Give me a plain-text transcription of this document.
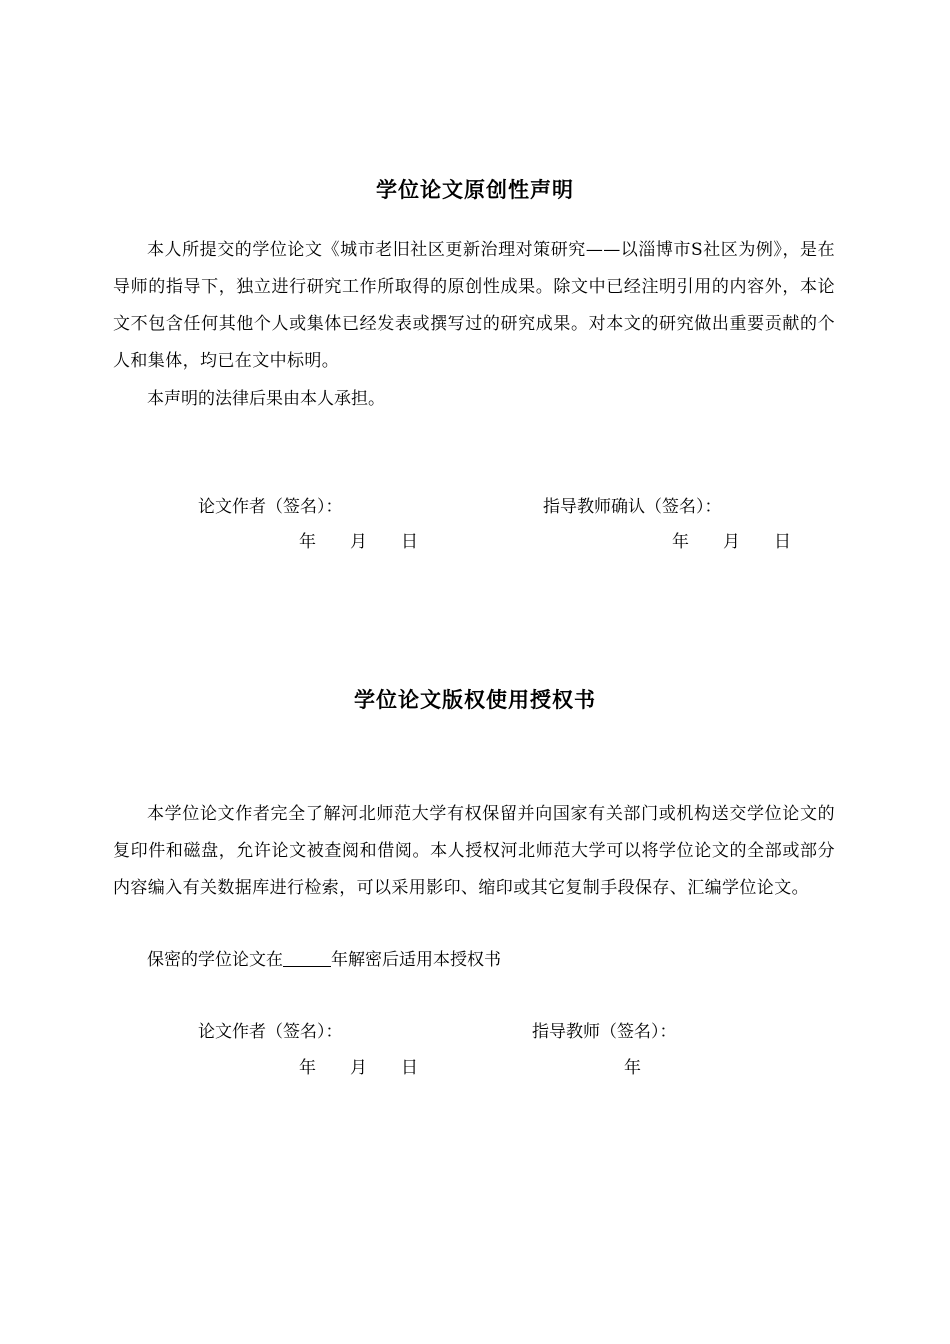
学位论文原创性声明

本人所提交的学位论文《城市老旧社区更新治理对策研究——以淄博市S社区为例》，是在导师的指导下，独立进行研究工作所取得的原创性成果。除文中已经注明引用的内容外，本论文不包含任何其他个人或集体已经发表或撰写过的研究成果。对本文的研究做出重要贡献的个人和集体，均已在文中标明。

本声明的法律后果由本人承担。

论文作者（签名）：	指导教师确认（签名）：
年 月 日	年 月 日
学位论文版权使用授权书

本学位论文作者完全了解河北师范大学有权保留并向国家有关部门或机构送交学位论文的复印件和磁盘，允许论文被查阅和借阅。本人授权河北师范大学可以将学位论文的全部或部分内容编入有关数据库进行检索，可以采用影印、缩印或其它复制手段保存、汇编学位论文。

保密的学位论文在	年解密后适用本授权书

论文作者（签名）：	指导教师（签名）：
年 月 日	年
